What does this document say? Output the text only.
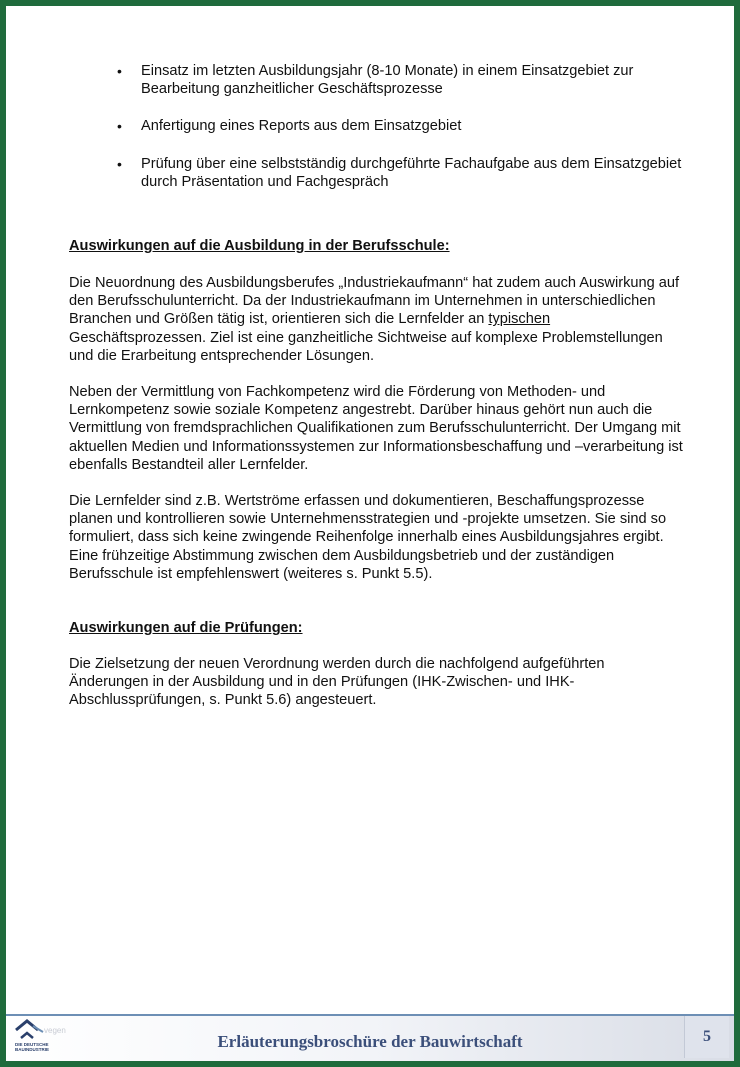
• Einsatz im letzten Ausbildungsjahr (8-10 Monate) in einem Einsatzgebiet zur Bearbeitung ganzheitlicher Geschäftsprozesse
• Anfertigung eines Reports aus dem Einsatzgebiet
• Prüfung über eine selbstständig durchgeführte Fachaufgabe aus dem Einsatzgebiet durch Präsentation und Fachgespräch
Auswirkungen auf die Ausbildung in der Berufsschule:

Die Neuordnung des Ausbildungsberufes „Industriekaufmann“ hat zudem auch Auswirkung auf den Berufsschulunterricht. Da der Industriekaufmann im Unternehmen in unterschiedlichen Branchen und Größen tätig ist, orientieren sich die Lernfelder an typischen Geschäftsprozessen. Ziel ist eine ganzheitliche Sichtweise auf komplexe Problemstellungen und die Erarbeitung entsprechender Lösungen.

Neben der Vermittlung von Fachkompetenz wird die Förderung von Methoden- und Lernkompetenz sowie soziale Kompetenz angestrebt. Darüber hinaus gehört nun auch die Vermittlung von fremdsprachlichen Qualifikationen zum Berufsschulunterricht. Der Umgang mit aktuellen Medien und Informationssystemen zur Informationsbeschaffung und –verarbeitung ist ebenfalls Bestandteil aller Lernfelder.

Die Lernfelder sind z.B. Wertströme erfassen und dokumentieren, Beschaffungsprozesse planen und kontrollieren sowie Unternehmensstrategien und -projekte umsetzen. Sie sind so formuliert, dass sich keine zwingende Reihenfolge innerhalb eines Ausbildungsjahres ergibt. Eine frühzeitige Abstimmung zwischen dem Ausbildungsbetrieb und der zuständigen Berufsschule ist empfehlenswert (weiteres s. Punkt 5.5).

Auswirkungen auf die Prüfungen:

Die Zielsetzung der neuen Verordnung werden durch die nachfolgend aufgeführten Änderungen in der Ausbildung und in den Prüfungen (IHK-Zwischen- und IHK-Abschlussprüfungen, s. Punkt 5.6) angesteuert.

DIE DEUTSCHE
BAUINDUSTRIE
vegen
Erläuterungsbroschüre der Bauwirtschaft	5
